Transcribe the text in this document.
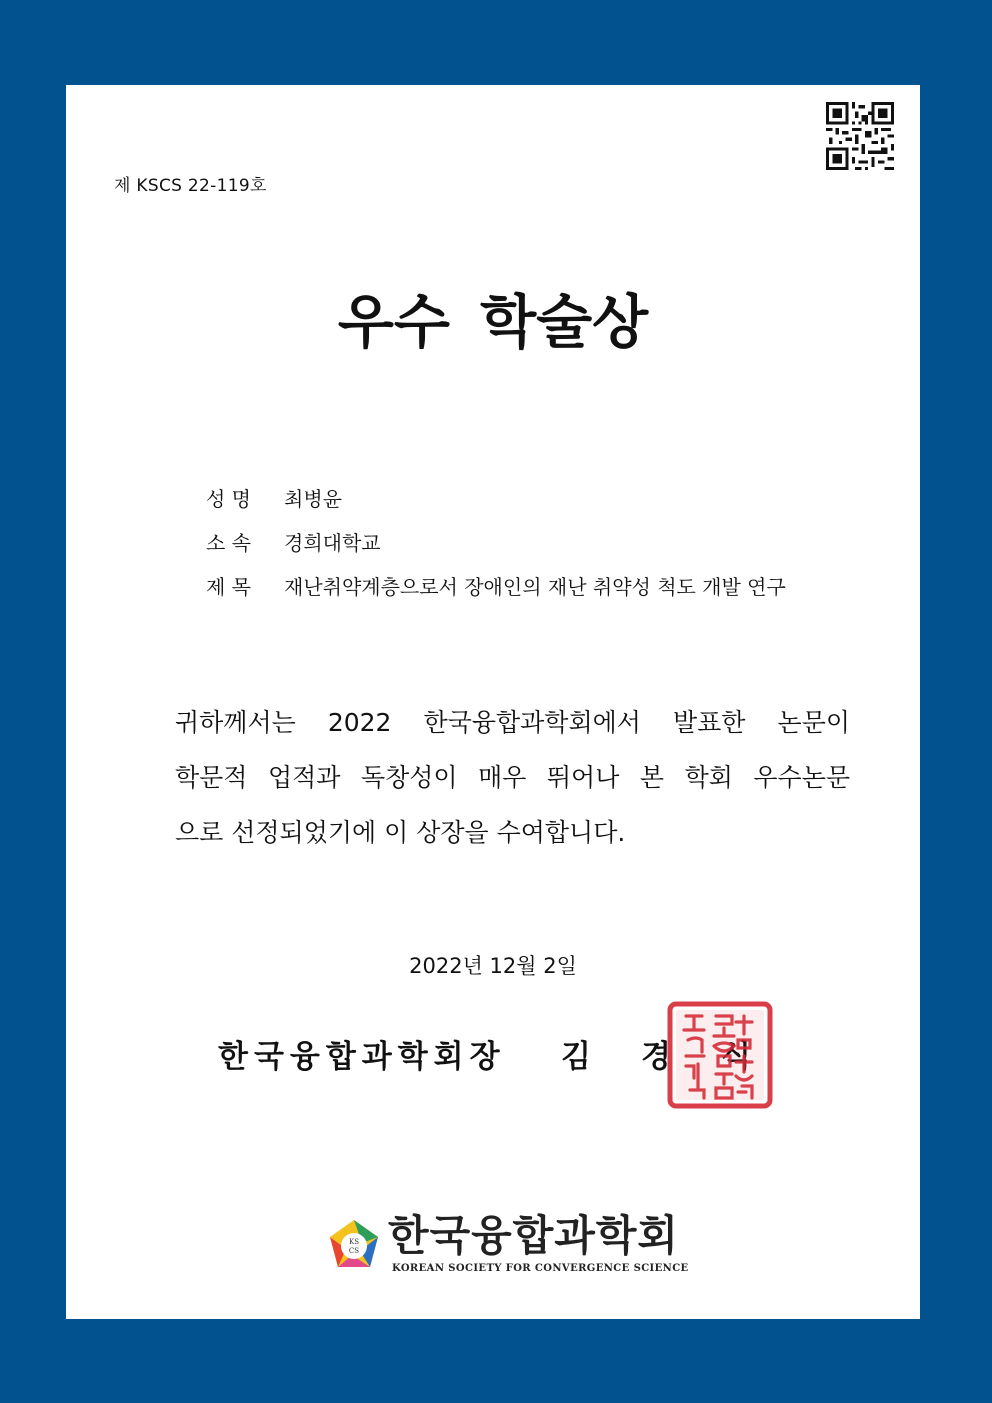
제 KSCS 22-119호
우수 학술상
성 명	최병윤
소 속	경희대학교
제 목	재난취약계층으로서 장애인의 재난 취약성 척도 개발 연구
귀하께서는 2022 한국융합과학회에서 발표한 논문이
학문적 업적과 독창성이 매우 뛰어나 본 학회 우수논문
으로 선정되었기에 이 상장을 수여합니다.
2022년 12월 2일
한국융합과학회장 김 경 식
KS
CS 한국융합과학회
KOREAN SOCIETY FOR CONVERGENCE SCIENCE
